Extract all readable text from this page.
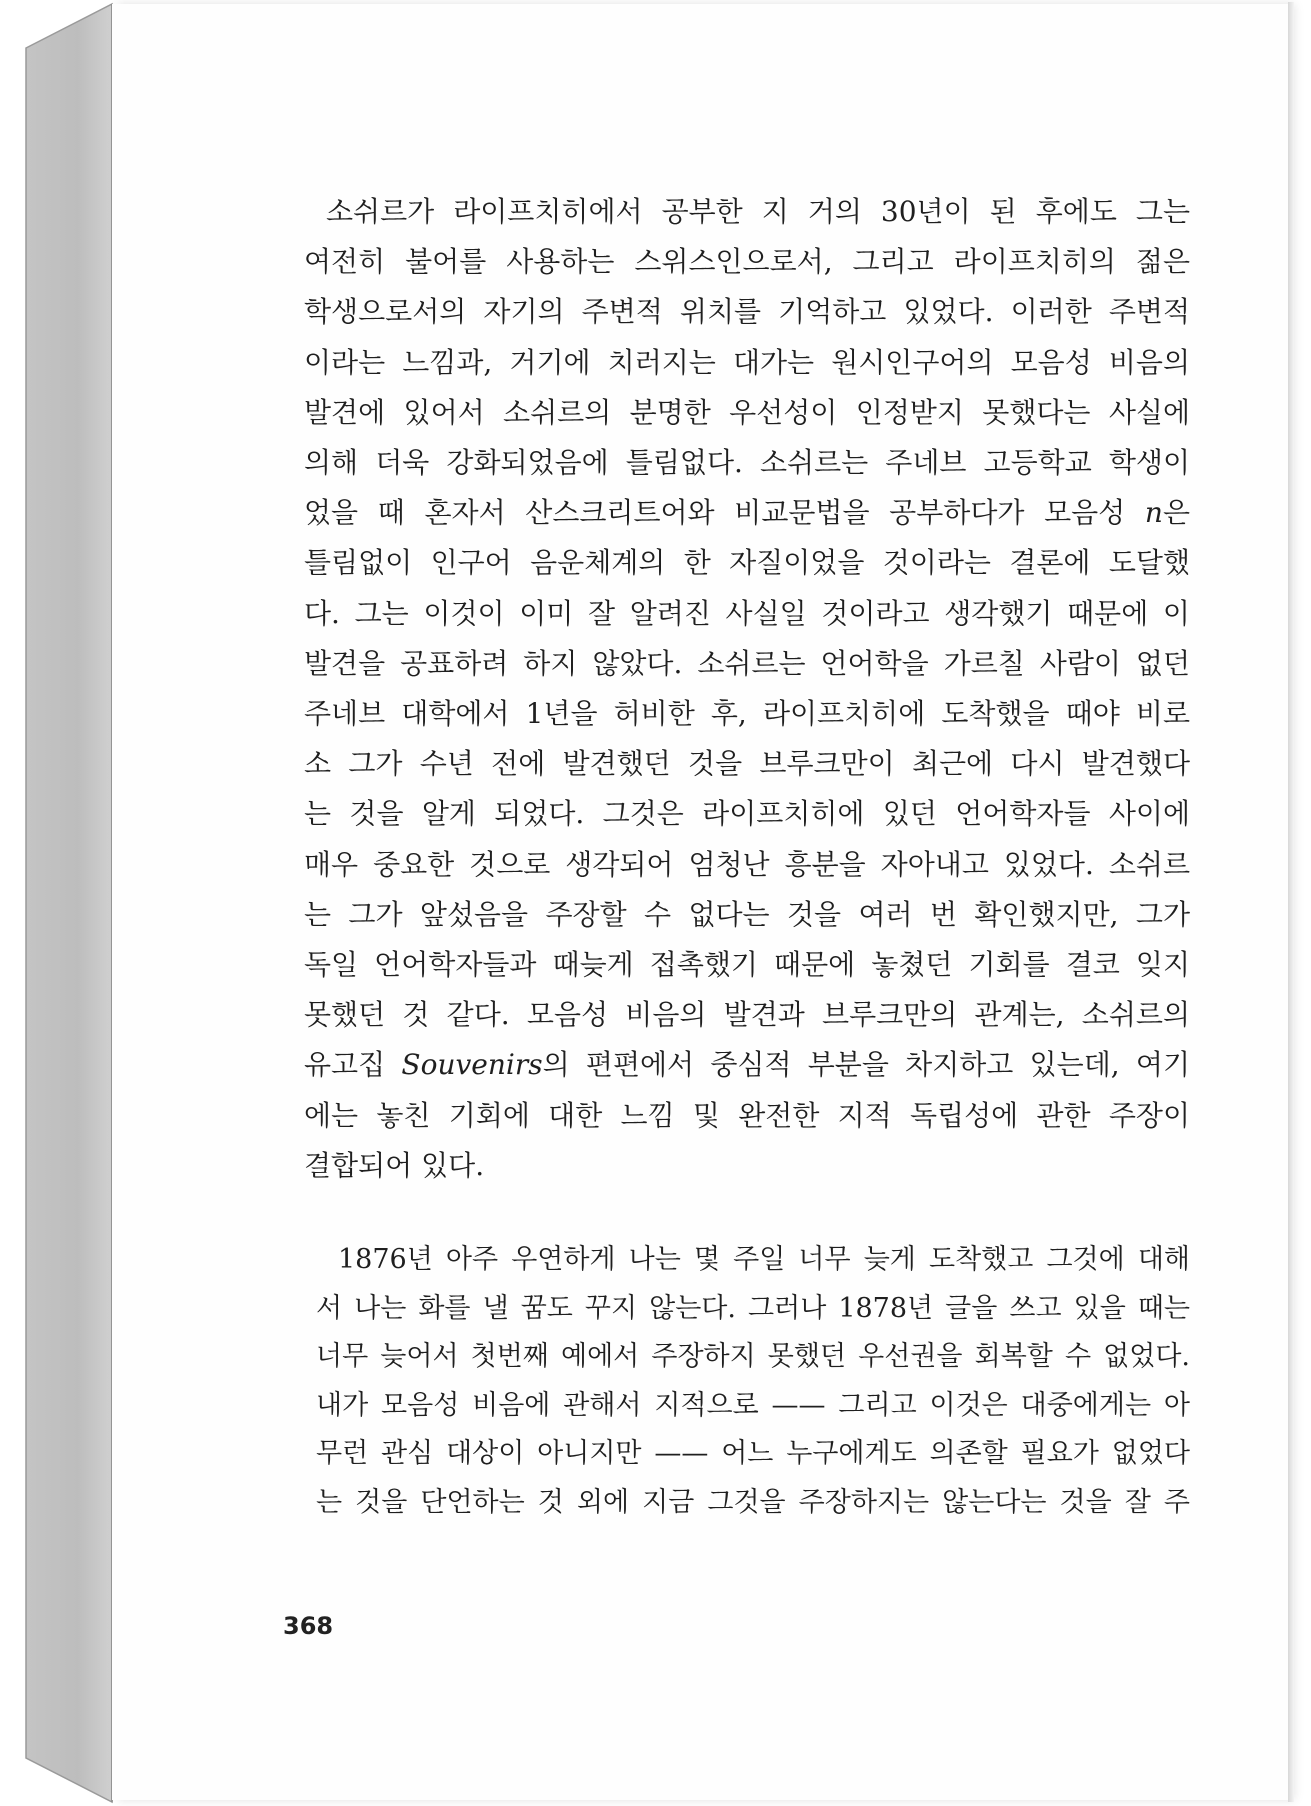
소쉬르가 라이프치히에서 공부한 지 거의 30년이 된 후에도 그는
여전히 불어를 사용하는 스위스인으로서, 그리고 라이프치히의 젊은
학생으로서의 자기의 주변적 위치를 기억하고 있었다. 이러한 주변적
이라는 느낌과, 거기에 치러지는 대가는 원시인구어의 모음성 비음의
발견에 있어서 소쉬르의 분명한 우선성이 인정받지 못했다는 사실에
의해 더욱 강화되었음에 틀림없다. 소쉬르는 주네브 고등학교 학생이
었을 때 혼자서 산스크리트어와 비교문법을 공부하다가 모음성 n은
틀림없이 인구어 음운체계의 한 자질이었을 것이라는 결론에 도달했
다. 그는 이것이 이미 잘 알려진 사실일 것이라고 생각했기 때문에 이
발견을 공표하려 하지 않았다. 소쉬르는 언어학을 가르칠 사람이 없던
주네브 대학에서 1년을 허비한 후, 라이프치히에 도착했을 때야 비로
소 그가 수년 전에 발견했던 것을 브루크만이 최근에 다시 발견했다
는 것을 알게 되었다. 그것은 라이프치히에 있던 언어학자들 사이에
매우 중요한 것으로 생각되어 엄청난 흥분을 자아내고 있었다. 소쉬르
는 그가 앞섰음을 주장할 수 없다는 것을 여러 번 확인했지만, 그가
독일 언어학자들과 때늦게 접촉했기 때문에 놓쳤던 기회를 결코 잊지
못했던 것 같다. 모음성 비음의 발견과 브루크만의 관계는, 소쉬르의
유고집 Souvenirs의 편편에서 중심적 부분을 차지하고 있는데, 여기
에는 놓친 기회에 대한 느낌 및 완전한 지적 독립성에 관한 주장이
결합되어 있다.
1876년 아주 우연하게 나는 몇 주일 너무 늦게 도착했고 그것에 대해
서 나는 화를 낼 꿈도 꾸지 않는다. 그러나 1878년 글을 쓰고 있을 때는
너무 늦어서 첫번째 예에서 주장하지 못했던 우선권을 회복할 수 없었다.
내가 모음성 비음에 관해서 지적으로 —— 그리고 이것은 대중에게는 아
무런 관심 대상이 아니지만 —— 어느 누구에게도 의존할 필요가 없었다
는 것을 단언하는 것 외에 지금 그것을 주장하지는 않는다는 것을 잘 주
368
